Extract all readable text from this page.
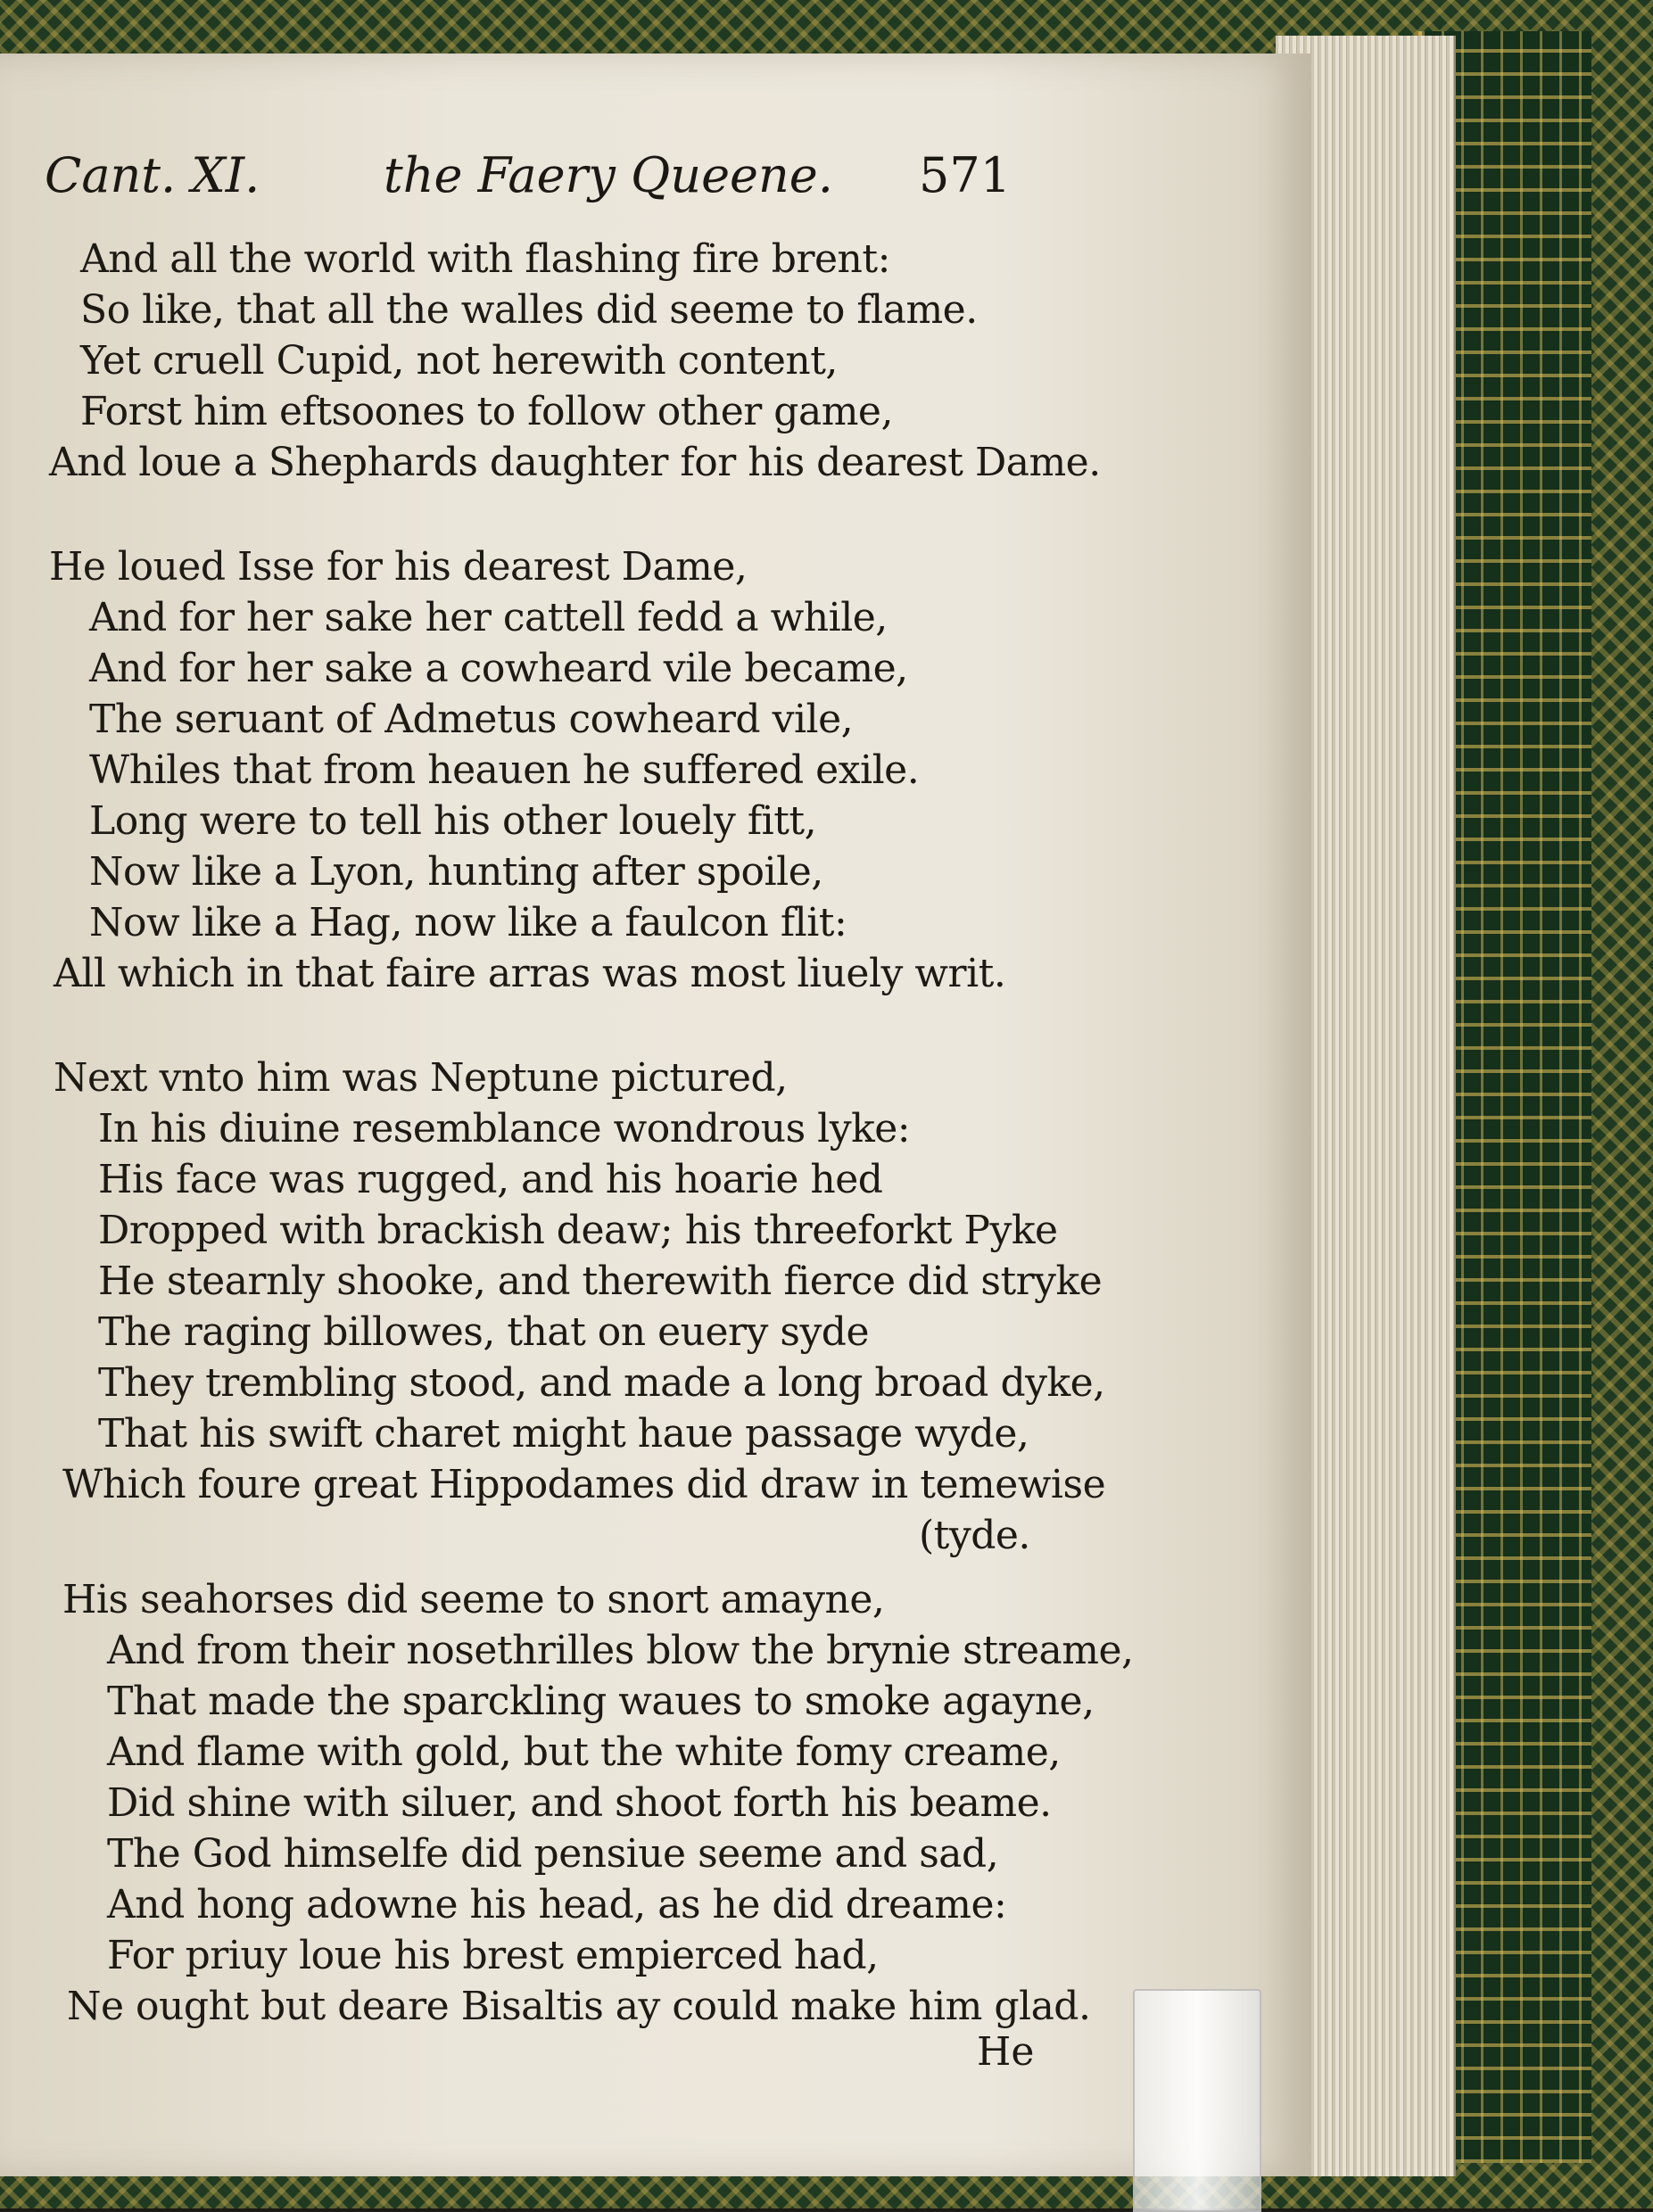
Cant. XI.	the Faery Queene. 571
And all the world with flashing fire brent:
So like, that all the walles did seeme to flame.
Yet cruell Cupid, not herewith content,
Forst him eftsoones to follow other game,
And loue a Shephards daughter for his dearest Dame.
He loued Isse for his dearest Dame,
And for her sake her cattell fedd a while,
And for her sake a cowheard vile became,
The seruant of Admetus cowheard vile,
Whiles that from heauen he suffered exile.
Long were to tell his other louely fitt,
Now like a Lyon, hunting after spoile,
Now like a Hag, now like a faulcon flit:
All which in that faire arras was most liuely writ.
Next vnto him was Neptune pictured,
In his diuine resemblance wondrous lyke:
His face was rugged, and his hoarie hed
Dropped with brackish deaw; his threeforkt Pyke
He stearnly shooke, and therewith fierce did stryke
The raging billowes, that on euery syde
They trembling stood, and made a long broad dyke,
That his swift charet might haue passage wyde,
Which foure great Hippodames did draw in temewise
(tyde.
His seahorses did seeme to snort amayne,
And from their nosethrilles blow the brynie streame,
That made the sparckling waues to smoke agayne,
And flame with gold, but the white fomy creame,
Did shine with siluer, and shoot forth his beame.
The God himselfe did pensiue seeme and sad,
And hong adowne his head, as he did dreame:
For priuy loue his brest empierced had,
Ne ought but deare Bisaltis ay could make him glad.
He
